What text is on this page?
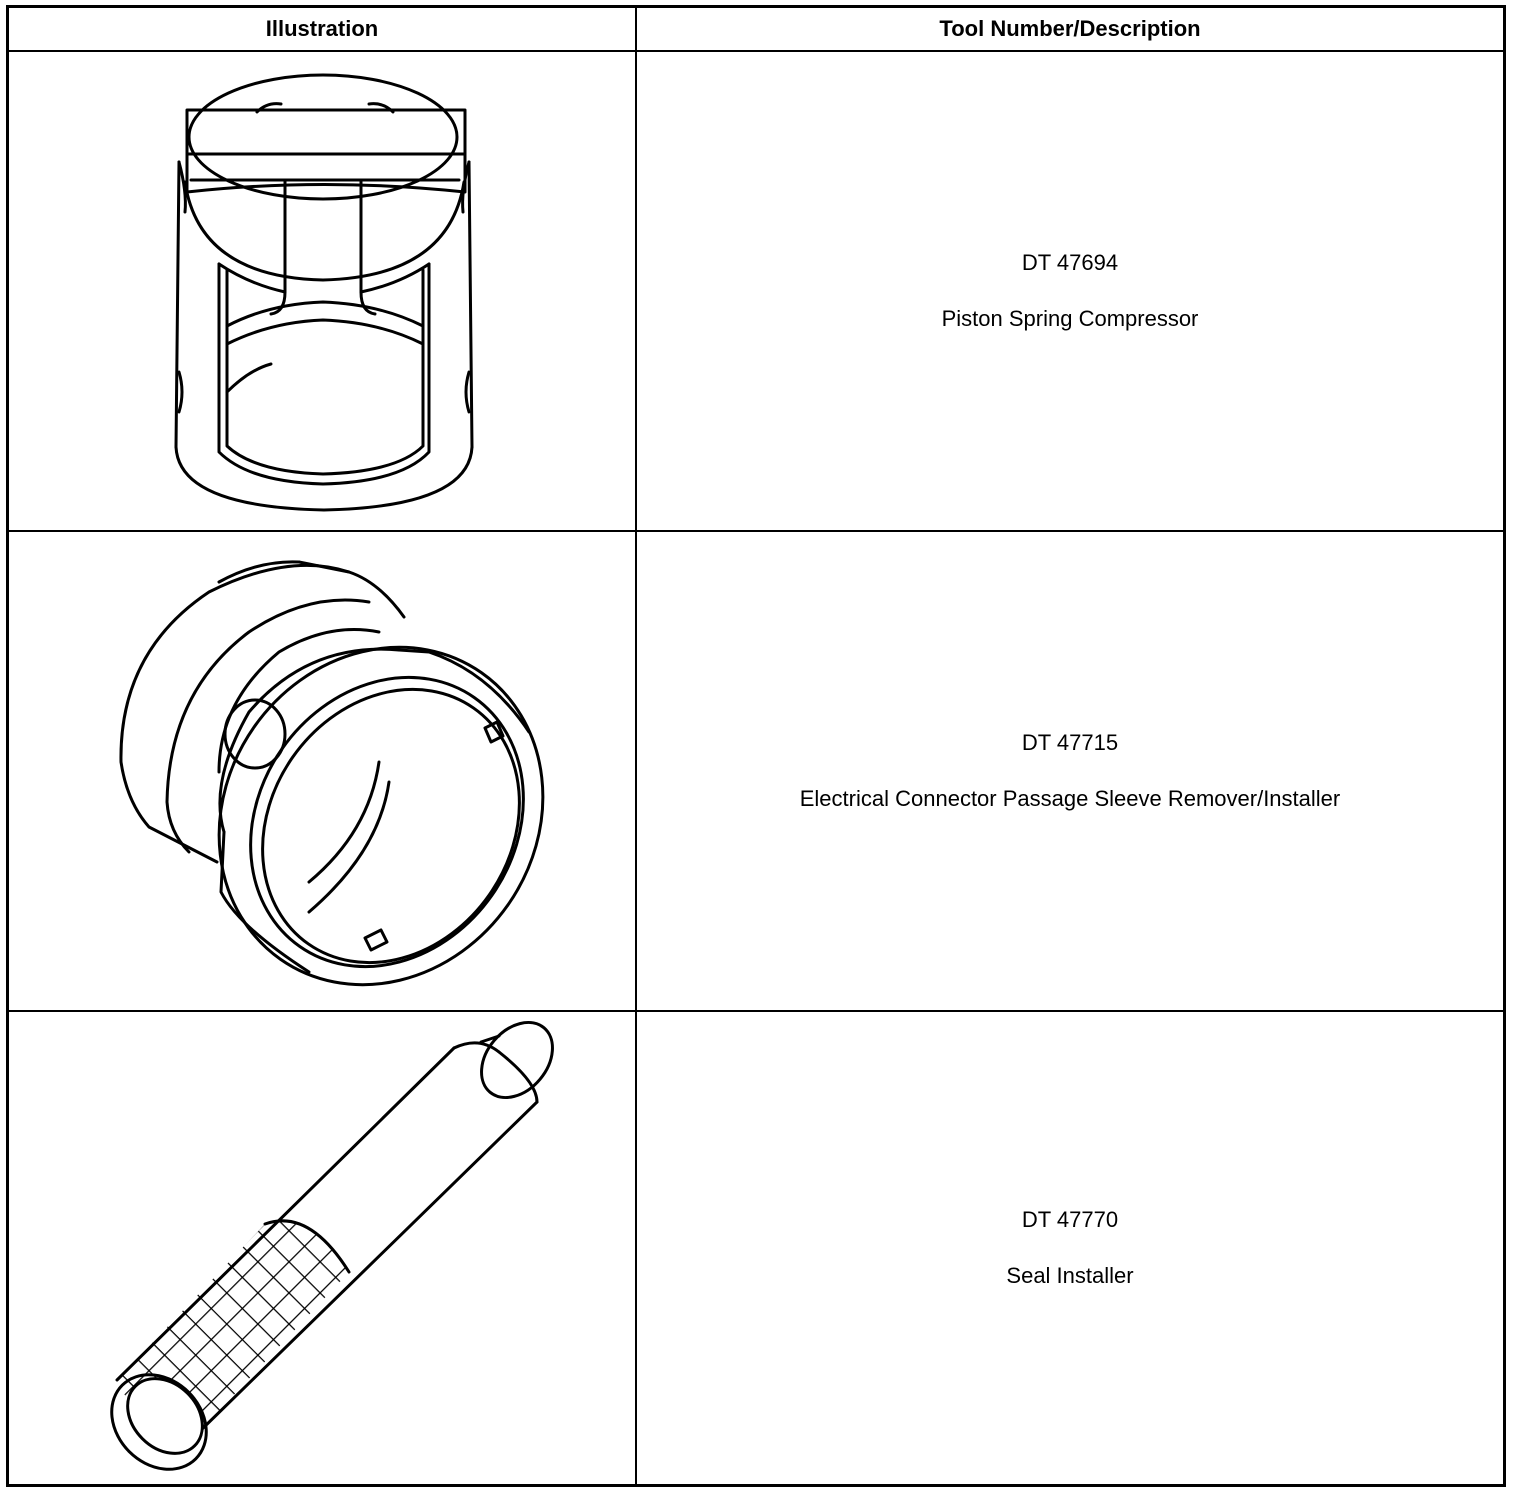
Illustration	Tool Number/Description
DT 47694
Piston Spring Compressor
DT 47715
Electrical Connector Passage Sleeve Remover/Installer
DT 47770
Seal Installer
